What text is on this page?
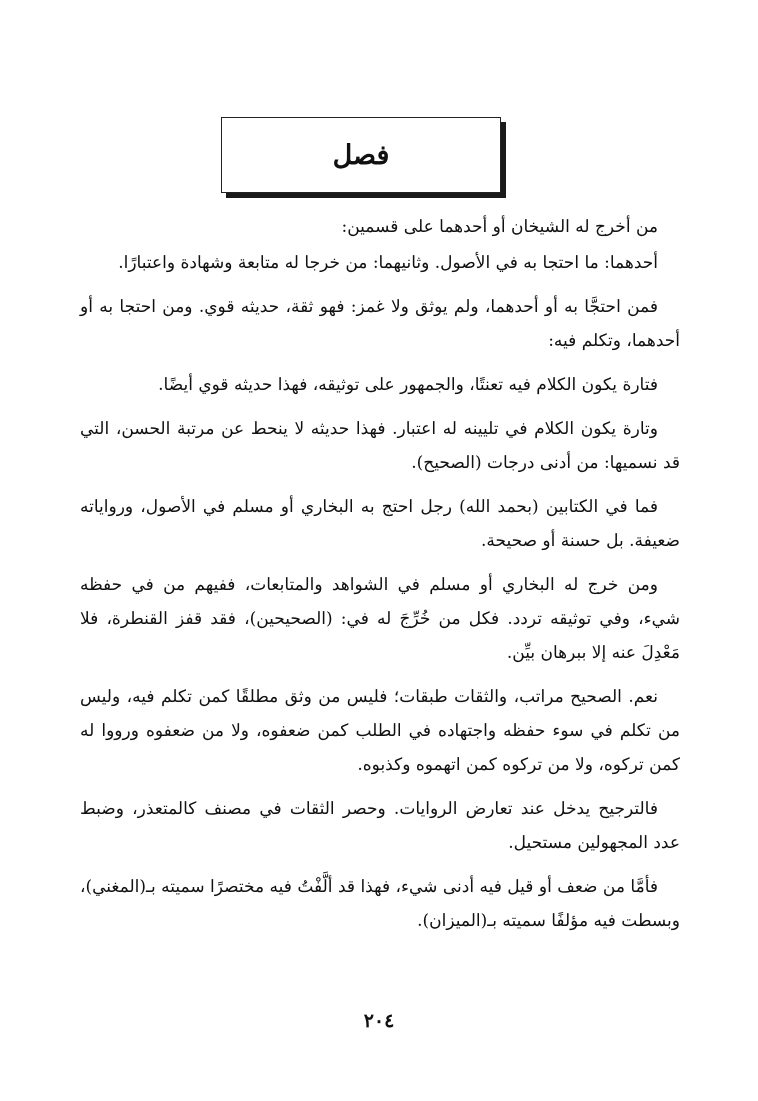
فصل

من أخرج له الشيخان أو أحدهما على قسمين:

أحدهما: ما احتجا به في الأصول. وثانيهما: من خرجا له متابعة وشهادة واعتبارًا.

فمن احتجَّا به أو أحدهما، ولم يوثق ولا غمز: فهو ثقة، حديثه قوي. ومن احتجا به أو أحدهما، وتكلم فيه:

فتارة يكون الكلام فيه تعنتًا، والجمهور على توثيقه، فهذا حديثه قوي أيضًا.

وتارة يكون الكلام في تليينه له اعتبار. فهذا حديثه لا ينحط عن مرتبة الحسن، التي قد نسميها: من أدنى درجات (الصحيح).

فما في الكتابين (بحمد الله) رجل احتج به البخاري أو مسلم في الأصول، ورواياته ضعيفة. بل حسنة أو صحيحة.

ومن خرج له البخاري أو مسلم في الشواهد والمتابعات، ففيهم من في حفظه شيء، وفي توثيقه تردد. فكل من خُرِّجَ له في: (الصحيحين)، فقد قفز القنطرة، فلا مَعْدِلَ عنه إلا ببرهان بيِّن.

نعم. الصحيح مراتب، والثقات طبقات؛ فليس من وثق مطلقًا كمن تكلم فيه، وليس من تكلم في سوء حفظه واجتهاده في الطلب كمن ضعفوه، ولا من ضعفوه ورووا له كمن تركوه، ولا من تركوه كمن اتهموه وكذبوه.

فالترجيح يدخل عند تعارض الروايات. وحصر الثقات في مصنف كالمتعذر، وضبط عدد المجهولين مستحيل.

فأمَّا من ضعف أو قيل فيه أدنى شيء، فهذا قد ألَّفْتُ فيه مختصرًا سميته بـ(المغني)، وبسطت فيه مؤلفًا سميته بـ(الميزان).

٢٠٤
